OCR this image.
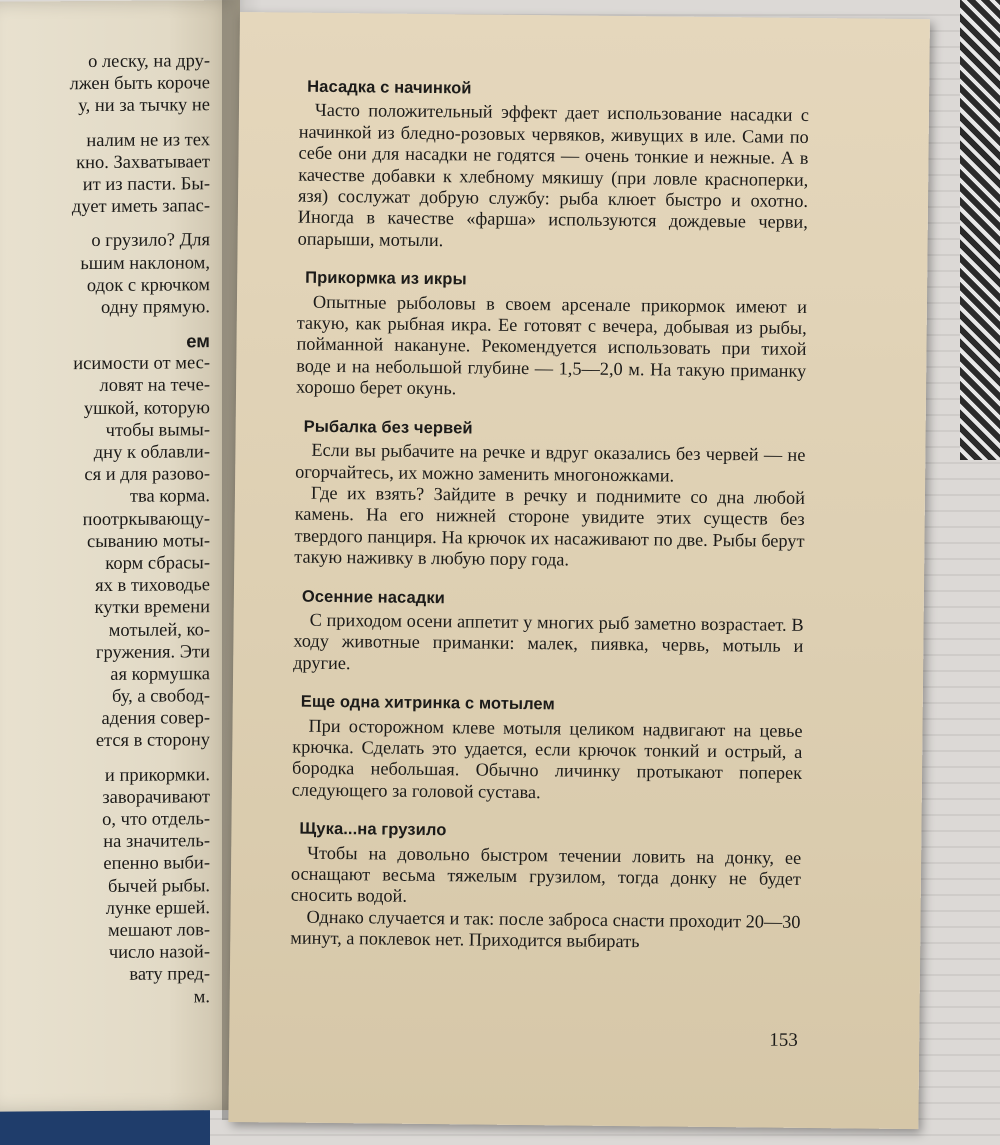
о леску, на дру-
лжен быть короче
у, ни за тычку не
налим не из тех
кно. Захватывает
ит из пасти. Бы-
дует иметь запас-
о грузило? Для
ьшим наклоном,
одок с крючком
одну прямую.
ем
исимости от мес-
ловят на тече-
ушкой, которую
чтобы вымы-
дну к облавли-
ся и для разово-
тва корма.
поотркывающу-
сыванию моты-
корм сбрасы-
ях в тиховодье
кутки времени
мотылей, ко-
гружения. Эти
ая кормушка
бу, а свобод-
адения совер-
ется в сторону
и прикормки.
заворачивают
о, что отдель-
на значитель-
епенно выби-
бычей рыбы.
лунке ершей.
мешают лов-
число назой-
вату пред-
м.
Насадка с начинкой

Часто положительный эффект дает использование насадки с начинкой из бледно-розовых червяков, живущих в иле. Сами по себе они для насадки не годятся — очень тонкие и нежные. А в качестве добавки к хлебному мякишу (при ловле красноперки, язя) сослужат добрую службу: рыба клюет быстро и охотно. Иногда в качестве «фарша» используются дождевые черви, опарыши, мотыли.

Прикормка из икры

Опытные рыболовы в своем арсенале прикормок имеют и такую, как рыбная икра. Ее готовят с вечера, добывая из рыбы, пойманной накануне. Рекомендуется использовать при тихой воде и на небольшой глубине — 1,5—2,0 м. На такую приманку хорошо берет окунь.

Рыбалка без червей

Если вы рыбачите на речке и вдруг оказались без червей — не огорчайтесь, их можно заменить многоножками.

Где их взять? Зайдите в речку и поднимите со дна любой камень. На его нижней стороне увидите этих существ без твердого панциря. На крючок их насаживают по две. Рыбы берут такую наживку в любую пору года.

Осенние насадки

С приходом осени аппетит у многих рыб заметно возрастает. В ходу животные приманки: малек, пиявка, червь, мотыль и другие.

Еще одна хитринка с мотылем

При осторожном клеве мотыля целиком надвигают на цевье крючка. Сделать это удается, если крючок тонкий и острый, а бородка небольшая. Обычно личинку протыкают поперек следующего за головой сустава.

Щука...на грузило

Чтобы на довольно быстром течении ловить на донку, ее оснащают весьма тяжелым грузилом, тогда донку не будет сносить водой.

Однако случается и так: после заброса снасти проходит 20—30 минут, а поклевок нет. Приходится выбирать

153
